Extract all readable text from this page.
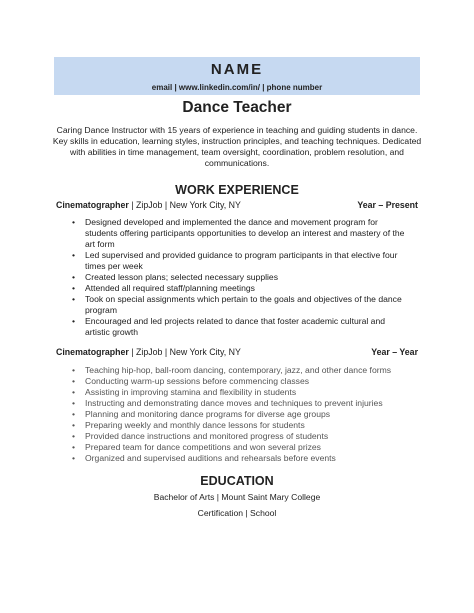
NAME
email | www.linkedin.com/in/ | phone number
Dance Teacher
Caring Dance Instructor with 15 years of experience in teaching and guiding students in dance. Key skills in education, learning styles, instruction principles, and teaching techniques. Dedicated with abilities in time management, team oversight, coordination, problem resolution, and communications.
WORK EXPERIENCE
Cinematographer | ZipJob | New York City, NY	Year – Present
• Designed developed and implemented the dance and movement program for students offering participants opportunities to develop an interest and mastery of the art form
• Led supervised and provided guidance to program participants in that elective four times per week
• Created lesson plans; selected necessary supplies
• Attended all required staff/planning meetings
• Took on special assignments which pertain to the goals and objectives of the dance program
• Encouraged and led projects related to dance that foster academic cultural and artistic growth
Cinematographer | ZipJob | New York City, NY	Year – Year
• Teaching hip-hop, ball-room dancing, contemporary, jazz, and other dance forms
• Conducting warm-up sessions before commencing classes
• Assisting in improving stamina and flexibility in students
• Instructing and demonstrating dance moves and techniques to prevent injuries
• Planning and monitoring dance programs for diverse age groups
• Preparing weekly and monthly dance lessons for students
• Provided dance instructions and monitored progress of students
• Prepared team for dance competitions and won several prizes
• Organized and supervised auditions and rehearsals before events
EDUCATION
Bachelor of Arts | Mount Saint Mary College
Certification | School
